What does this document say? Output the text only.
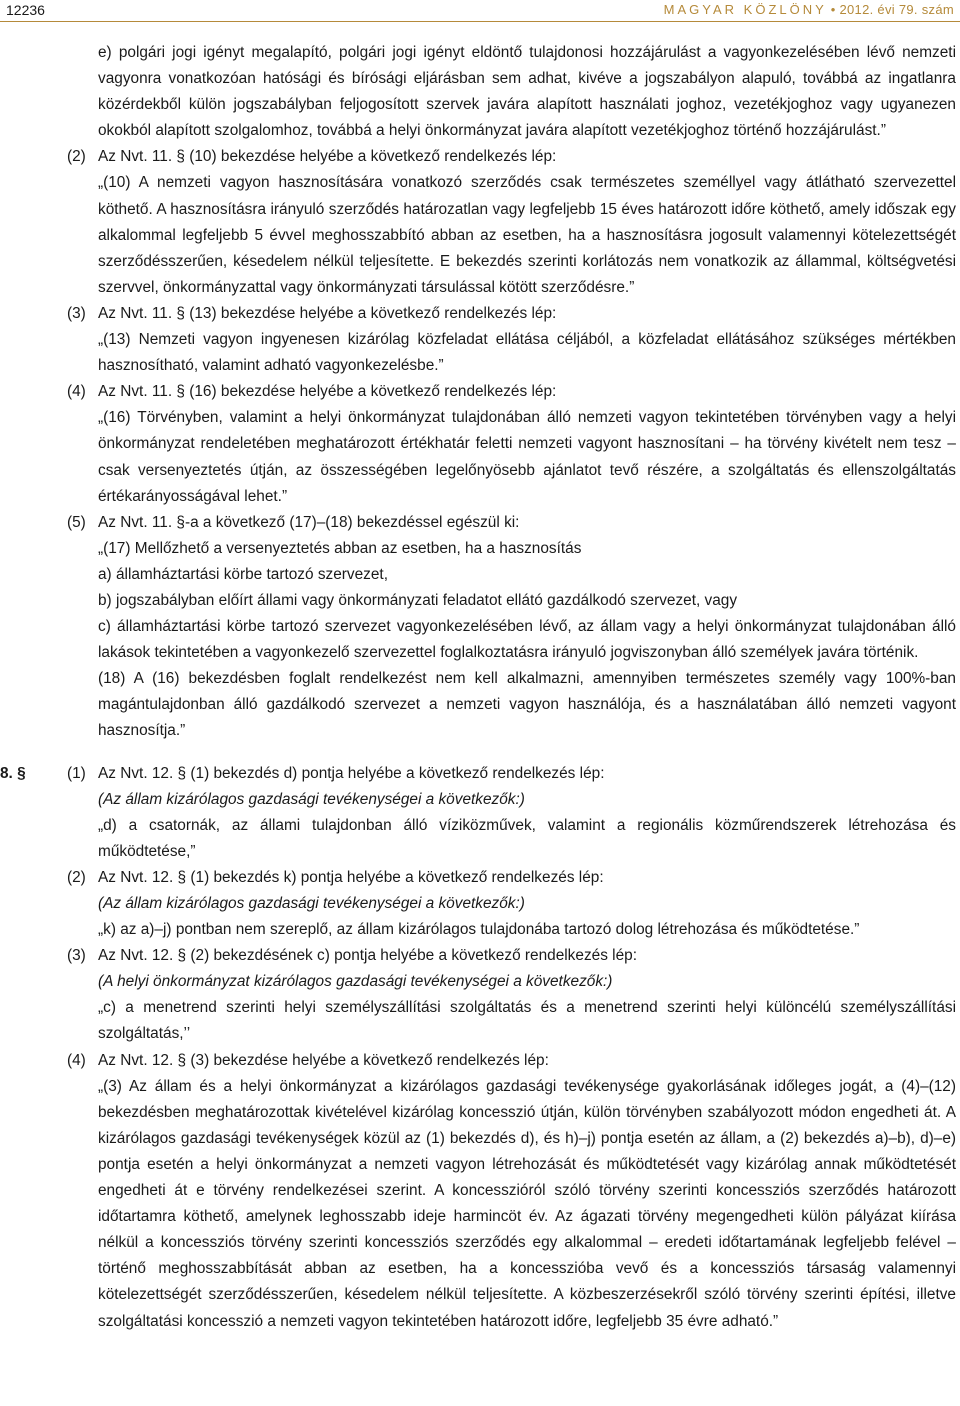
12236	MAGYAR KÖZLÖNY • 2012. évi 79. szám

e) polgári jogi igényt megalapító, polgári jogi igényt eldöntő tulajdonosi hozzájárulást a vagyonkezelésében lévő nemzeti vagyonra vonatkozóan hatósági és bírósági eljárásban sem adhat, kivéve a jogszabályon alapuló, továbbá az ingatlanra közérdekből külön jogszabályban feljogosított szervek javára alapított használati joghoz, vezetékjoghoz vagy ugyanezen okokból alapított szolgalomhoz, továbbá a helyi önkormányzat javára alapított vezetékjoghoz történő hozzájárulást.”

(2) Az Nvt. 11. § (10) bekezdése helyébe a következő rendelkezés lép:

„(10) A nemzeti vagyon hasznosítására vonatkozó szerződés csak természetes személlyel vagy átlátható szervezettel köthető. A hasznosításra irányuló szerződés határozatlan vagy legfeljebb 15 éves határozott időre köthető, amely időszak egy alkalommal legfeljebb 5 évvel meghosszabbító abban az esetben, ha a hasznosításra jogosult valamennyi kötelezettségét szerződésszerűen, késedelem nélkül teljesítette. E bekezdés szerinti korlátozás nem vonatkozik az állammal, költségvetési szervvel, önkormányzattal vagy önkormányzati társulással kötött szerződésre.”

(3) Az Nvt. 11. § (13) bekezdése helyébe a következő rendelkezés lép:

„(13) Nemzeti vagyon ingyenesen kizárólag közfeladat ellátása céljából, a közfeladat ellátásához szükséges mértékben hasznosítható, valamint adható vagyonkezelésbe.”

(4) Az Nvt. 11. § (16) bekezdése helyébe a következő rendelkezés lép:

„(16) Törvényben, valamint a helyi önkormányzat tulajdonában álló nemzeti vagyon tekintetében törvényben vagy a helyi önkormányzat rendeletében meghatározott értékhatár feletti nemzeti vagyont hasznosítani – ha törvény kivételt nem tesz – csak versenyeztetés útján, az összességében legelőnyösebb ajánlatot tevő részére, a szolgáltatás és ellenszolgáltatás értékarányosságával lehet.”

(5) Az Nvt. 11. §-a a következő (17)–(18) bekezdéssel egészül ki:

„(17) Mellőzhető a versenyeztetés abban az esetben, ha a hasznosítás

a) államháztartási körbe tartozó szervezet,

b) jogszabályban előírt állami vagy önkormányzati feladatot ellátó gazdálkodó szervezet, vagy

c) államháztartási körbe tartozó szervezet vagyonkezelésében lévő, az állam vagy a helyi önkormányzat tulajdonában álló lakások tekintetében a vagyonkezelő szervezettel foglalkoztatásra irányuló jogviszonyban álló személyek javára történik.

(18) A (16) bekezdésben foglalt rendelkezést nem kell alkalmazni, amennyiben természetes személy vagy 100%-ban magántulajdonban álló gazdálkodó szervezet a nemzeti vagyon használója, és a használatában álló nemzeti vagyont hasznosítja.”

8. §	(1) Az Nvt. 12. § (1) bekezdés d) pontja helyébe a következő rendelkezés lép:

(Az állam kizárólagos gazdasági tevékenységei a következők:)

„d) a csatornák, az állami tulajdonban álló víziközművek, valamint a regionális közműrendszerek létrehozása és működtetése,”

(2) Az Nvt. 12. § (1) bekezdés k) pontja helyébe a következő rendelkezés lép:

(Az állam kizárólagos gazdasági tevékenységei a következők:)

„k) az a)–j) pontban nem szereplő, az állam kizárólagos tulajdonába tartozó dolog létrehozása és működtetése.”

(3) Az Nvt. 12. § (2) bekezdésének c) pontja helyébe a következő rendelkezés lép:

(A helyi önkormányzat kizárólagos gazdasági tevékenységei a következők:)

„c) a menetrend szerinti helyi személyszállítási szolgáltatás és a menetrend szerinti helyi különcélú személyszállítási szolgáltatás,’’

(4) Az Nvt. 12. § (3) bekezdése helyébe a következő rendelkezés lép:

„(3) Az állam és a helyi önkormányzat a kizárólagos gazdasági tevékenysége gyakorlásának időleges jogát, a (4)–(12) bekezdésben meghatározottak kivételével kizárólag koncesszió útján, külön törvényben szabályozott módon engedheti át. A kizárólagos gazdasági tevékenységek közül az (1) bekezdés d), és h)–j) pontja esetén az állam, a (2) bekezdés a)–b), d)–e) pontja esetén a helyi önkormányzat a nemzeti vagyon létrehozását és működtetését vagy kizárólag annak működtetését engedheti át e törvény rendelkezései szerint. A koncesszióról szóló törvény szerinti koncessziós szerződés határozott időtartamra köthető, amelynek leghosszabb ideje harmincöt év. Az ágazati törvény megengedheti külön pályázat kiírása nélkül a koncessziós törvény szerinti koncessziós szerződés egy alkalommal – eredeti időtartamának legfeljebb felével – történő meghosszabbítását abban az esetben, ha a koncesszióba vevő és a koncessziós társaság valamennyi kötelezettségét szerződésszerűen, késedelem nélkül teljesítette. A közbeszerzésekről szóló törvény szerinti építési, illetve szolgáltatási koncesszió a nemzeti vagyon tekintetében határozott időre, legfeljebb 35 évre adható.”
